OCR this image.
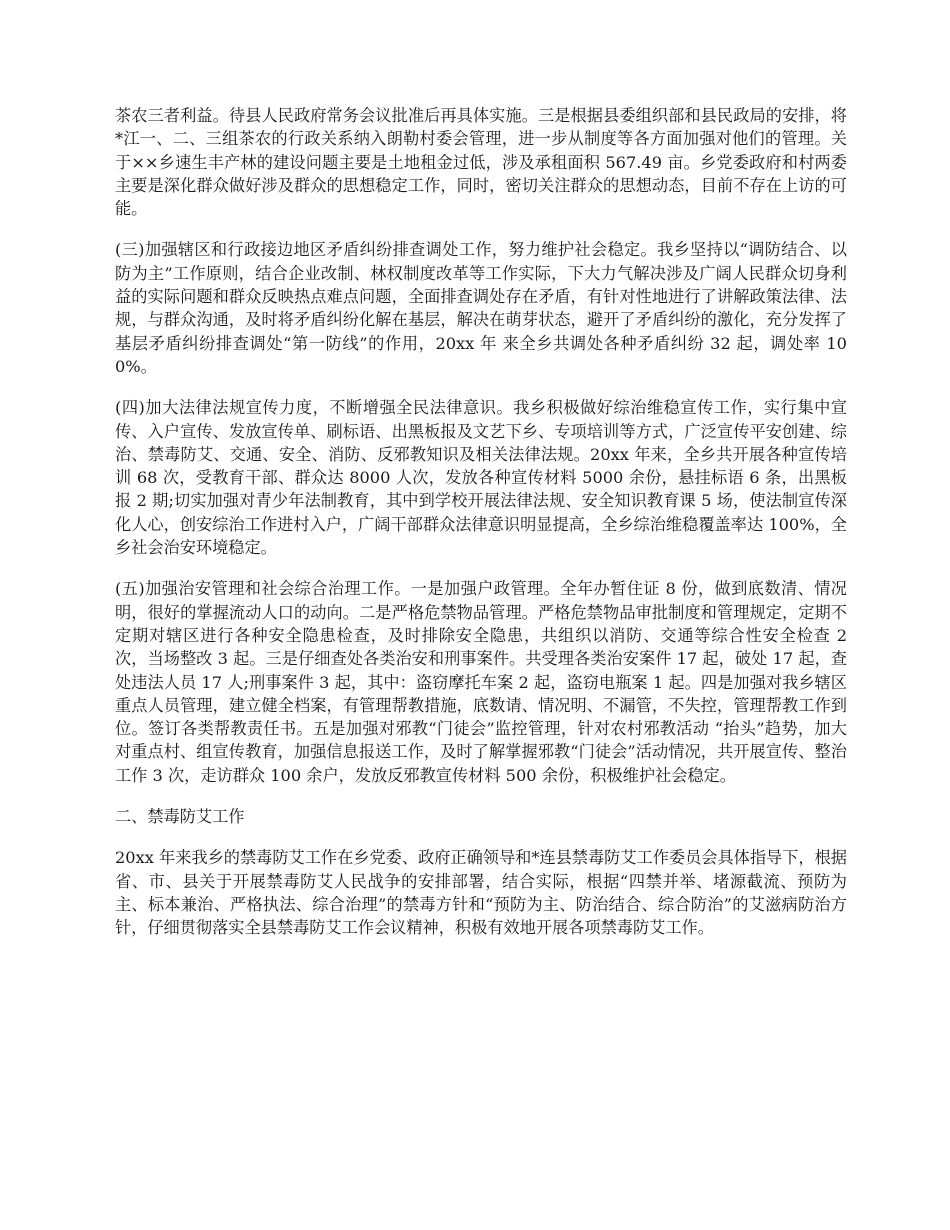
茶农三者利益。待县人民政府常务会议批准后再具体实施。三是根据县委组织部和县民政局的安排，将*江一、二、三组茶农的行政关系纳入朗勒村委会管理，进一步从制度等各方面加强对他们的管理。关于××乡速生丰产林的建设问题主要是土地租金过低，涉及承租面积 567.49 亩。乡党委政府和村两委主要是深化群众做好涉及群众的思想稳定工作，同时，密切关注群众的思想动态，目前不存在上访的可能。

(三)加强辖区和行政接边地区矛盾纠纷排查调处工作，努力维护社会稳定。我乡坚持以“调防结合、以防为主”工作原则，结合企业改制、林权制度改革等工作实际，下大力气解决涉及广阔人民群众切身利益的实际问题和群众反映热点难点问题，全面排查调处存在矛盾，有针对性地进行了讲解政策法律、法规，与群众沟通，及时将矛盾纠纷化解在基层，解决在萌芽状态，避开了矛盾纠纷的激化，充分发挥了基层矛盾纠纷排查调处“第一防线”的作用，20xx 年 来全乡共调处各种矛盾纠纷 32 起，调处率 100%。

(四)加大法律法规宣传力度，不断增强全民法律意识。我乡积极做好综治维稳宣传工作，实行集中宣传、入户宣传、发放宣传单、刷标语、出黑板报及文艺下乡、专项培训等方式，广泛宣传平安创建、综治、禁毒防艾、交通、安全、消防、反邪教知识及相关法律法规。20xx 年来，全乡共开展各种宣传培训 68 次，受教育干部、群众达 8000 人次，发放各种宣传材料 5000 余份，悬挂标语 6 条，出黑板报 2 期;切实加强对青少年法制教育，其中到学校开展法律法规、安全知识教育课 5 场，使法制宣传深化人心，创安综治工作进村入户，广阔干部群众法律意识明显提高，全乡综治维稳覆盖率达 100%，全乡社会治安环境稳定。

(五)加强治安管理和社会综合治理工作。一是加强户政管理。全年办暂住证 8 份，做到底数清、情况明，很好的掌握流动人口的动向。二是严格危禁物品管理。严格危禁物品审批制度和管理规定，定期不定期对辖区进行各种安全隐患检查，及时排除安全隐患，共组织以消防、交通等综合性安全检查 2 次，当场整改 3 起。三是仔细查处各类治安和刑事案件。共受理各类治安案件 17 起，破处 17 起，查处违法人员 17 人;刑事案件 3 起，其中：盗窃摩托车案 2 起，盗窃电瓶案 1 起。四是加强对我乡辖区重点人员管理，建立健全档案，有管理帮教措施，底数请、情况明、不漏管，不失控，管理帮教工作到位。签订各类帮教责任书。五是加强对邪教“门徒会”监控管理，针对农村邪教活动 “抬头”趋势，加大对重点村、组宣传教育，加强信息报送工作，及时了解掌握邪教“门徒会”活动情况，共开展宣传、整治工作 3 次，走访群众 100 余户，发放反邪教宣传材料 500 余份，积极维护社会稳定。

二、禁毒防艾工作

20xx 年来我乡的禁毒防艾工作在乡党委、政府正确领导和*连县禁毒防艾工作委员会具体指导下，根据省、市、县关于开展禁毒防艾人民战争的安排部署，结合实际，根据“四禁并举、堵源截流、预防为主、标本兼治、严格执法、综合治理”的禁毒方针和“预防为主、防治结合、综合防治”的艾滋病防治方针，仔细贯彻落实全县禁毒防艾工作会议精神，积极有效地开展各项禁毒防艾工作。
